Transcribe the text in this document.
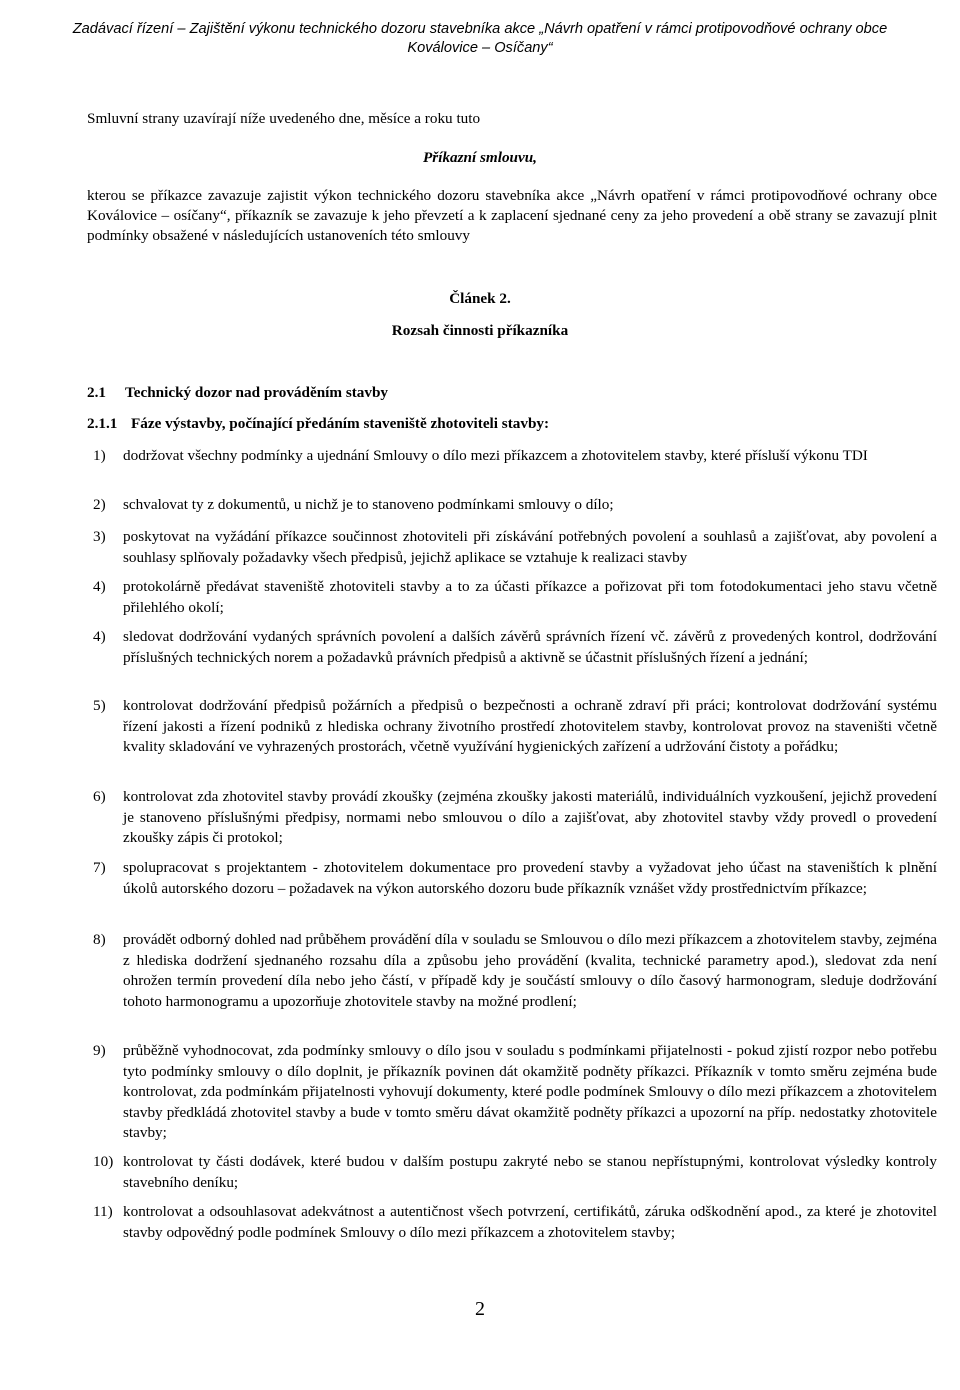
Zadávací řízení – Zajištění výkonu technického dozoru stavebníka akce „Návrh opatření v rámci protipovodňové ochrany obce
Koválovice – Osíčany“
Smluvní strany uzavírají níže uvedeného dne, měsíce a roku tuto
Příkazní smlouvu,
kterou se příkazce zavazuje zajistit výkon technického dozoru stavebníka akce „Návrh opatření v rámci protipovodňové ochrany obce Koválovice – osíčany“, příkazník se zavazuje k jeho převzetí a k zaplacení sjednané ceny za jeho provedení a obě strany se zavazují plnit podmínky obsažené v následujících ustanoveních této smlouvy
Článek 2.
Rozsah činnosti příkazníka
2.1 Technický dozor nad prováděním stavby
2.1.1 Fáze výstavby, počínající předáním staveniště zhotoviteli stavby:
1) dodržovat všechny podmínky a ujednání Smlouvy o dílo mezi příkazcem a zhotovitelem stavby, které přísluší výkonu TDI
2) schvalovat ty z dokumentů, u nichž je to stanoveno podmínkami smlouvy o dílo;
3) poskytovat na vyžádání příkazce součinnost zhotoviteli při získávání potřebných povolení a souhlasů a zajišťovat, aby povolení a souhlasy splňovaly požadavky všech předpisů, jejichž aplikace se vztahuje k realizaci stavby
4) protokolárně předávat staveniště zhotoviteli stavby a to za účasti příkazce a pořizovat při tom fotodokumentaci jeho stavu včetně přilehlého okolí;
4) sledovat dodržování vydaných správních povolení a dalších závěrů správních řízení vč. závěrů z provedených kontrol, dodržování příslušných technických norem a požadavků právních předpisů a aktivně se účastnit příslušných řízení a jednání;
5) kontrolovat dodržování předpisů požárních a předpisů o bezpečnosti a ochraně zdraví při práci; kontrolovat dodržování systému řízení jakosti a řízení podniků z hlediska ochrany životního prostředí zhotovitelem stavby, kontrolovat provoz na staveništi včetně kvality skladování ve vyhrazených prostorách, včetně využívání hygienických zařízení a udržování čistoty a pořádku;
6) kontrolovat zda zhotovitel stavby provádí zkoušky (zejména zkoušky jakosti materiálů, individuálních vyzkoušení, jejichž provedení je stanoveno příslušnými předpisy, normami nebo smlouvou o dílo a zajišťovat, aby zhotovitel stavby vždy provedl o provedení zkoušky zápis či protokol;
7) spolupracovat s projektantem - zhotovitelem dokumentace pro provedení stavby a vyžadovat jeho účast na staveništích k plnění úkolů autorského dozoru – požadavek na výkon autorského dozoru bude příkazník vznášet vždy prostřednictvím příkazce;
8) provádět odborný dohled nad průběhem provádění díla v souladu se Smlouvou o dílo mezi příkazcem a zhotovitelem stavby, zejména z hlediska dodržení sjednaného rozsahu díla a způsobu jeho provádění (kvalita, technické parametry apod.), sledovat zda není ohrožen termín provedení díla nebo jeho částí, v případě kdy je součástí smlouvy o dílo časový harmonogram, sleduje dodržování tohoto harmonogramu a upozorňuje zhotovitele stavby na možné prodlení;
9) průběžně vyhodnocovat, zda podmínky smlouvy o dílo jsou v souladu s podmínkami přijatelnosti - pokud zjistí rozpor nebo potřebu tyto podmínky smlouvy o dílo doplnit, je příkazník povinen dát okamžitě podněty příkazci. Příkazník v tomto směru zejména bude kontrolovat, zda podmínkám přijatelnosti vyhovují dokumenty, které podle podmínek Smlouvy o dílo mezi příkazcem a zhotovitelem stavby předkládá zhotovitel stavby a bude v tomto směru dávat okamžitě podněty příkazci a upozorní na příp. nedostatky zhotovitele stavby;
10) kontrolovat ty části dodávek, které budou v dalším postupu zakryté nebo se stanou nepřístupnými, kontrolovat výsledky kontroly stavebního deníku;
11) kontrolovat a odsouhlasovat adekvátnost a autentičnost všech potvrzení, certifikátů, záruka odškodnění apod., za které je zhotovitel stavby odpovědný podle podmínek Smlouvy o dílo mezi příkazcem a zhotovitelem stavby;
2
